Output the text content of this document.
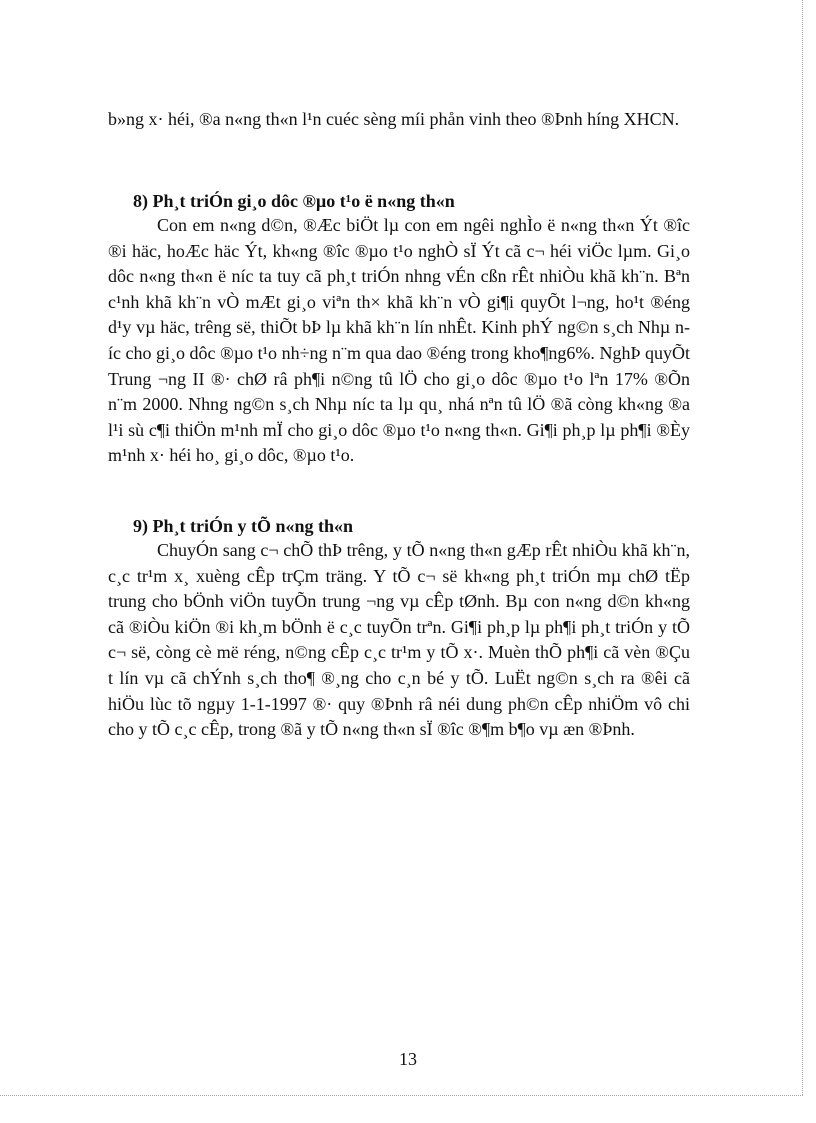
b»ng x· héi, ®a n«ng th«n l¹n cuéc sèng míi phån vinh theo ®Þnh híng XHCN.

8) Ph¸t triÓn gi¸o dôc ®µo t¹o ë n«ng th«n

Con em n«ng d©n, ®Æc biÖt lµ con em ngêi nghÌo ë n«ng th«n Ýt ®îc ®i häc, hoÆc häc Ýt, kh«ng ®îc ®µo t¹o nghÒ sÏ Ýt cã c¬ héi viÖc lµm. Gi¸o dôc n«ng th«n ë níc ta tuy cã ph¸t triÓn nhng vÉn cßn rÊt nhiÒu khã kh¨n. Bªn c¹nh khã kh¨n vÒ mÆt gi¸o viªn th× khã kh¨n vÒ gi¶i quyÕt l¬ng, ho¹t ®éng d¹y vµ häc, trêng së, thiÕt bÞ lµ khã kh¨n lín nhÊt. Kinh phÝ ng©n s¸ch Nhµ níc cho gi¸o dôc ®µo t¹o nh÷ng n¨m qua dao ®éng trong kho¶ng6%. NghÞ quyÕt Trung ¬ng II ®· chØ râ ph¶i n©ng tû lÖ cho gi¸o dôc ®µo t¹o lªn 17% ®Õn n¨m 2000. Nhng ng©n s¸ch Nhµ níc ta lµ qu¸ nhá nªn tû lÖ ®ã còng kh«ng ®a l¹i sù c¶i thiÖn m¹nh mÏ cho gi¸o dôc ®µo t¹o n«ng th«n. Gi¶i ph¸p lµ ph¶i ®Èy m¹nh x· héi ho¸ gi¸o dôc, ®µo t¹o.

9) Ph¸t triÓn y tÕ n«ng th«n

ChuyÓn sang c¬ chÕ thÞ trêng, y tÕ n«ng th«n gÆp rÊt nhiÒu khã kh¨n, c¸c tr¹m x¸ xuèng cÊp trÇm träng. Y tÕ c¬ së kh«ng ph¸t triÓn mµ chØ tËp trung cho bÖnh viÖn tuyÕn trung ¬ng vµ cÊp tØnh. Bµ con n«ng d©n kh«ng cã ®iÒu kiÖn ®i kh¸m bÖnh ë c¸c tuyÕn trªn. Gi¶i ph¸p lµ ph¶i ph¸t triÓn y tÕ c¬ së, còng cè më réng, n©ng cÊp c¸c tr¹m y tÕ x·. Muèn thÕ ph¶i cã vèn ®Çu t lín vµ cã chÝnh s¸ch tho¶ ®¸ng cho c¸n bé y tÕ. LuËt ng©n s¸ch ra ®êi cã hiÖu lùc tõ ngµy 1-1-1997 ®· quy ®Þnh râ néi dung ph©n cÊp nhiÖm vô chi cho y tÕ c¸c cÊp, trong ®ã y tÕ n«ng th«n sÏ ®îc ®¶m b¶o vµ æn ®Þnh.

13
